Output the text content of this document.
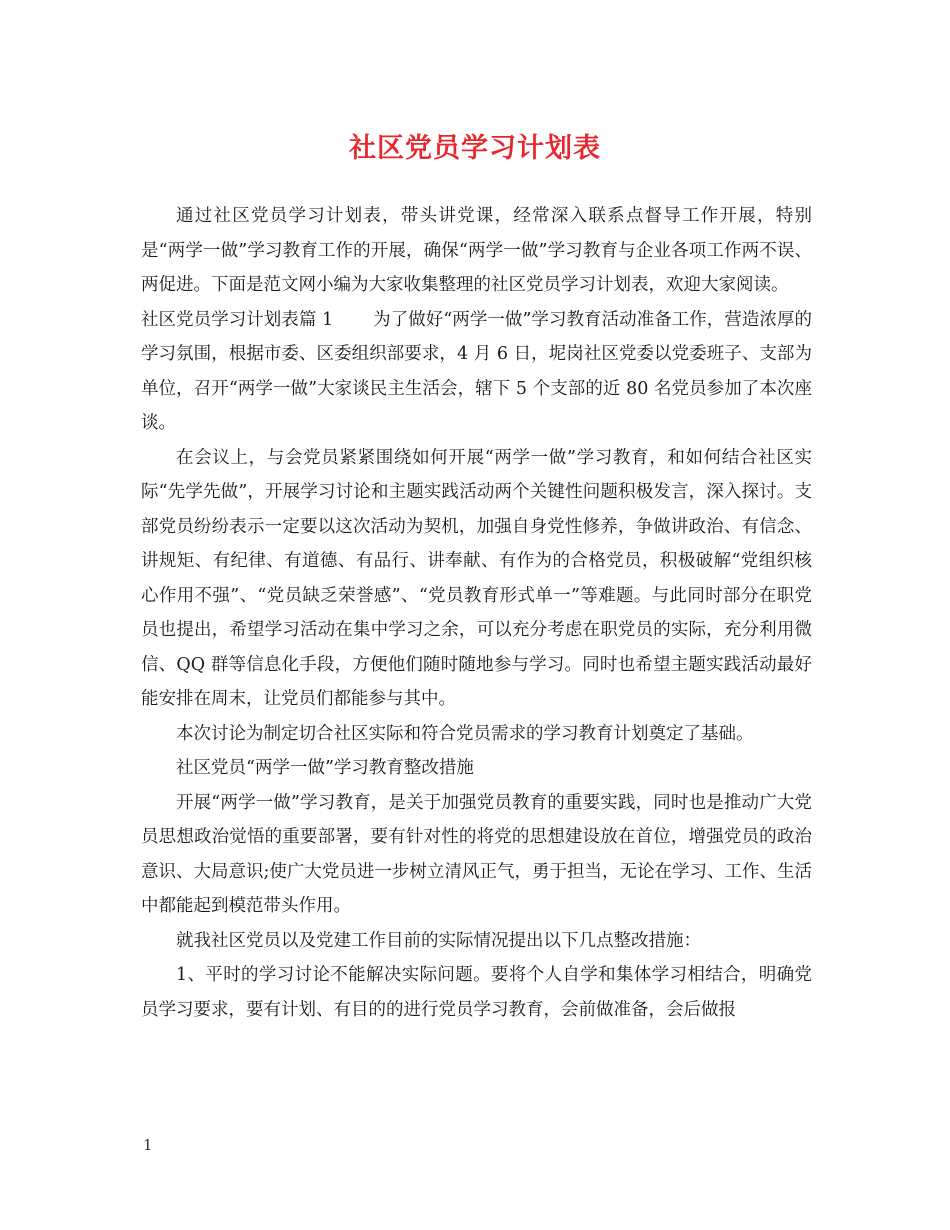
社区党员学习计划表

通过社区党员学习计划表，带头讲党课，经常深入联系点督导工作开展，特别是“两学一做”学习教育工作的开展，确保“两学一做”学习教育与企业各项工作两不误、两促进。下面是范文网小编为大家收集整理的社区党员学习计划表，欢迎大家阅读。

社区党员学习计划表篇 1 为了做好“两学一做”学习教育活动准备工作，营造浓厚的学习氛围，根据市委、区委组织部要求，4 月 6 日，坭岗社区党委以党委班子、支部为单位，召开“两学一做”大家谈民主生活会，辖下 5 个支部的近 80 名党员参加了本次座谈。

在会议上，与会党员紧紧围绕如何开展“两学一做”学习教育，和如何结合社区实际“先学先做”，开展学习讨论和主题实践活动两个关键性问题积极发言，深入探讨。支部党员纷纷表示一定要以这次活动为契机，加强自身党性修养，争做讲政治、有信念、讲规矩、有纪律、有道德、有品行、讲奉献、有作为的合格党员，积极破解“党组织核心作用不强”、“党员缺乏荣誉感”、“党员教育形式单一”等难题。与此同时部分在职党员也提出，希望学习活动在集中学习之余，可以充分考虑在职党员的实际，充分利用微信、QQ 群等信息化手段，方便他们随时随地参与学习。同时也希望主题实践活动最好能安排在周末，让党员们都能参与其中。

本次讨论为制定切合社区实际和符合党员需求的学习教育计划奠定了基础。

社区党员“两学一做”学习教育整改措施

开展“两学一做”学习教育，是关于加强党员教育的重要实践，同时也是推动广大党员思想政治觉悟的重要部署，要有针对性的将党的思想建设放在首位，增强党员的政治意识、大局意识;使广大党员进一步树立清风正气，勇于担当，无论在学习、工作、生活中都能起到模范带头作用。

就我社区党员以及党建工作目前的实际情况提出以下几点整改措施：

1、平时的学习讨论不能解决实际问题。要将个人自学和集体学习相结合，明确党员学习要求，要有计划、有目的的进行党员学习教育，会前做准备，会后做报

1
